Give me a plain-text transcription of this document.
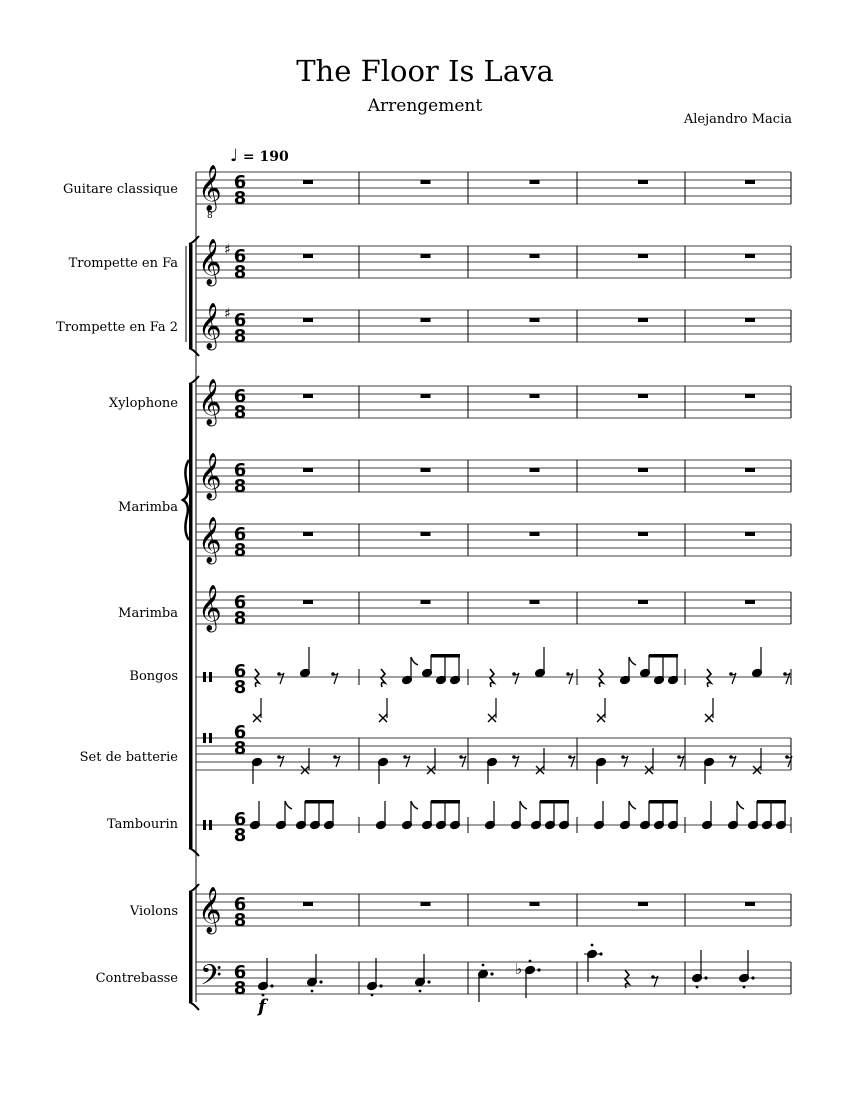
The Floor Is Lava
Arrengement
Alejandro Macia
♩ = 190
Guitare classique
Trompette en Fa
Trompette en Fa 2
Xylophone
Marimba
Marimba
Bongos
Set de batterie
Tambourin
Violons
Contrebasse
𝄞
8
6
8
𝄞 ♯ 6
8
𝄞 ♯ 6
8
𝄞 6
8
𝄞 6
8
𝄞 6
8
𝄞 6
8
6
8
6
8
6
8
𝄞 6
8
𝄢 6
8
♭
f
